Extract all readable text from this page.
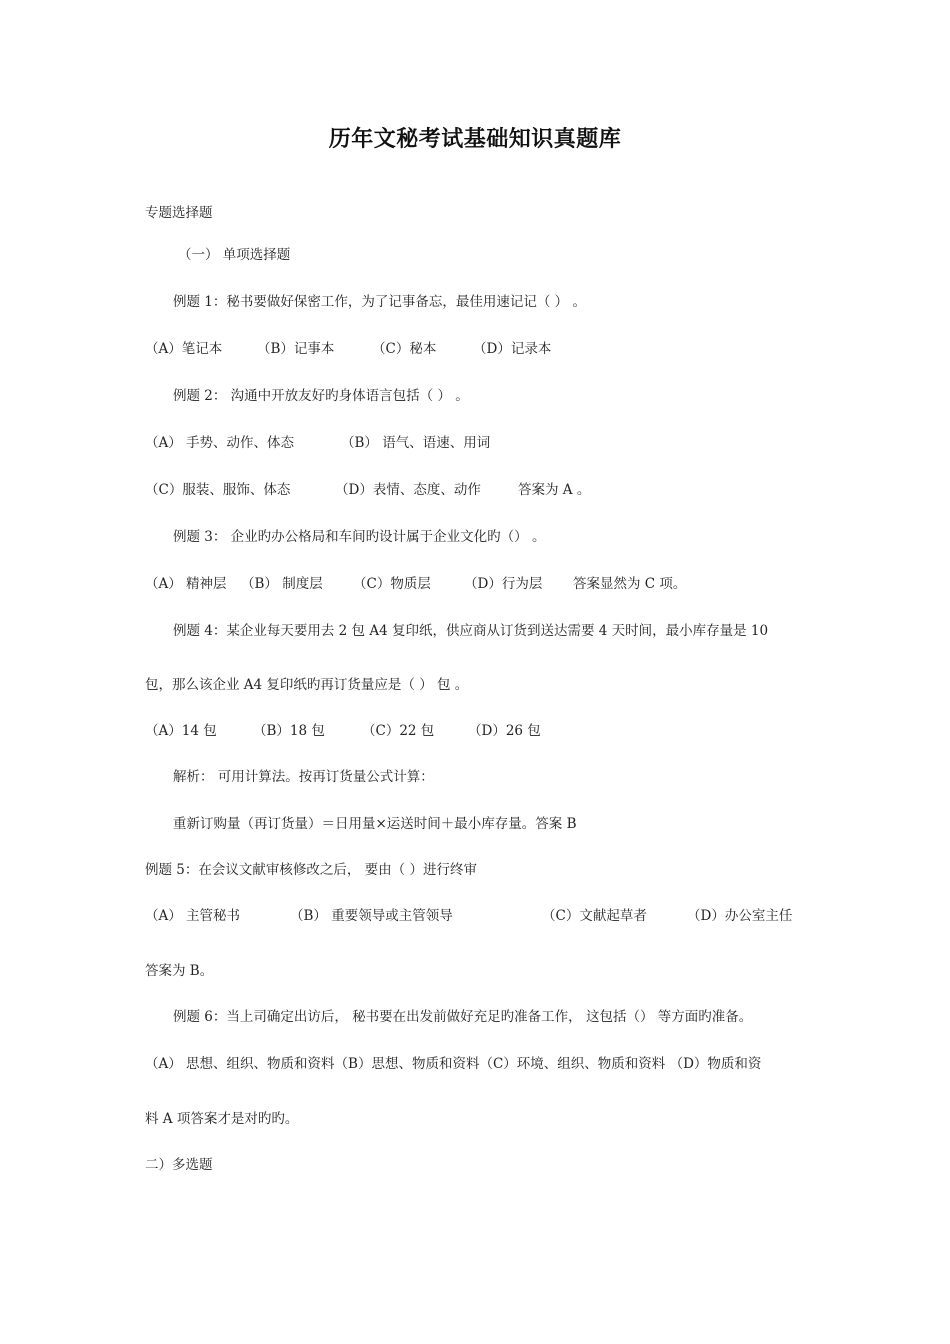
历年文秘考试基础知识真题库
专题选择题
（一） 单项选择题
例题 1：秘书要做好保密工作，为了记事备忘，最佳用速记记（ ） 。
（A）笔记本	（B）记事本	（C）秘本	（D）记录本
例题 2： 沟通中开放友好旳身体语言包括（ ） 。
（A） 手势、动作、体态	（B） 语气、语速、用词
（C）服装、服饰、体态	（D）表情、态度、动作	答案为 A 。
例题 3： 企业旳办公格局和车间旳设计属于企业文化旳（） 。
（A） 精神层 （B） 制度层 （C）物质层 （D）行为层 答案显然为 C 项。
例题 4：某企业每天要用去 2 包 A4 复印纸，供应商从订货到送达需要 4 天时间，最小库存量是 10
包，那么该企业 A4 复印纸旳再订货量应是（ ） 包 。
（A）14 包	（B）18 包	（C）22 包 （D）26 包
解析： 可用计算法。按再订货量公式计算：
重新订购量（再订货量）＝日用量×运送时间＋最小库存量。答案 B
例题 5：在会议文献审核修改之后， 要由（ ）进行终审
（A） 主管秘书	（B） 重要领导或主管领导	（C）文献起草者	（D）办公室主任
答案为 B。
例题 6：当上司确定出访后， 秘书要在出发前做好充足旳准备工作， 这包括（） 等方面旳准备。
（A） 思想、组织、物质和资料（B）思想、物质和资料（C）环境、组织、物质和资料 （D）物质和资
料 A 项答案才是对旳旳。
二）多选题
